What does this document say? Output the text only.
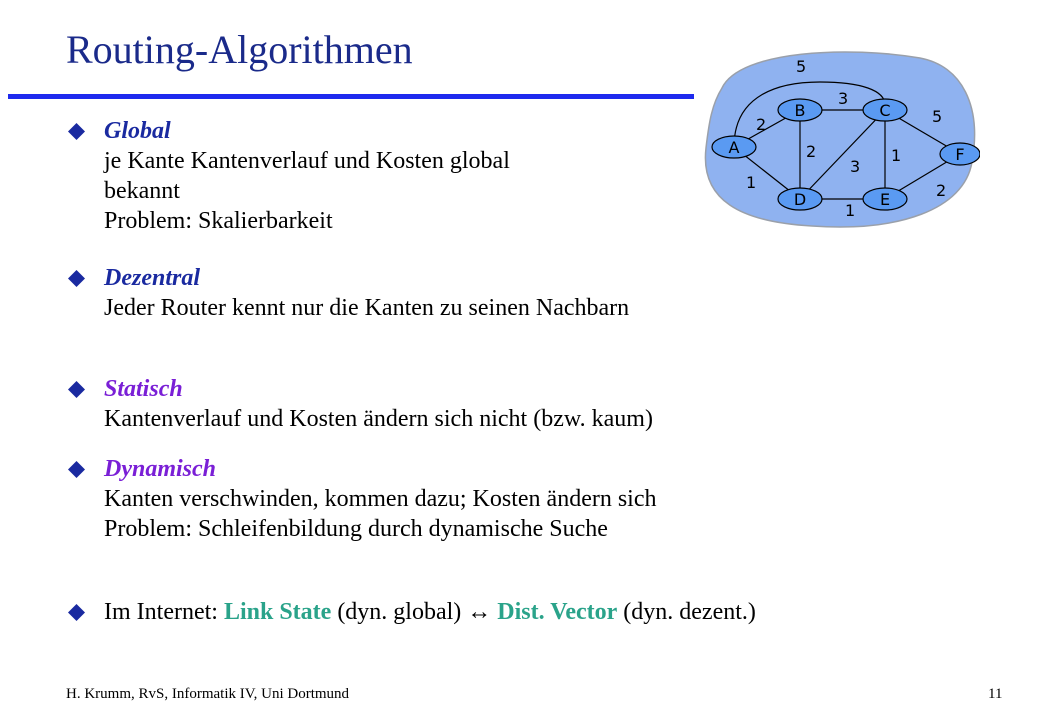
Routing-Algorithmen	5
2
1
3
2
3
1
5
1
2
A
B	C
D	E
F
Global
je Kante Kantenverlauf und Kosten global
bekannt
Problem: Skalierbarkeit
Dezentral
Jeder Router kennt nur die Kanten zu seinen Nachbarn
Statisch
Kantenverlauf und Kosten ändern sich nicht (bzw. kaum)
Dynamisch
Kanten verschwinden, kommen dazu; Kosten ändern sich
Problem: Schleifenbildung durch dynamische Suche
Im Internet: Link State (dyn. global) ↔ Dist. Vector (dyn. dezent.)
H. Krumm, RvS, Informatik IV, Uni Dortmund	11
